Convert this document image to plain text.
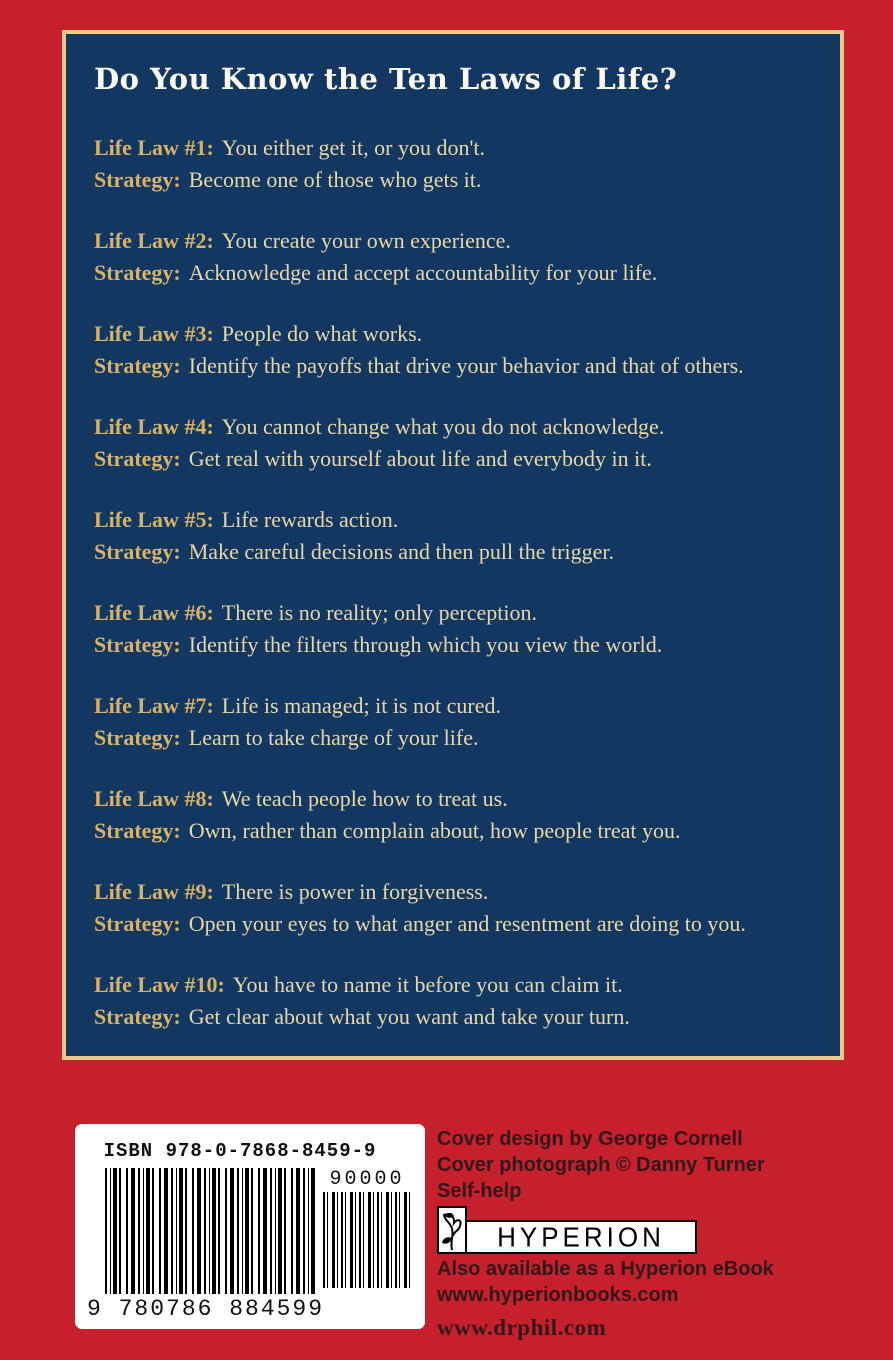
Do You Know the Ten Laws of Life?
Life Law #1: You either get it, or you don't.
Strategy: Become one of those who gets it.
Life Law #2: You create your own experience.
Strategy: Acknowledge and accept accountability for your life.
Life Law #3: People do what works.
Strategy: Identify the payoffs that drive your behavior and that of others.
Life Law #4: You cannot change what you do not acknowledge.
Strategy: Get real with yourself about life and everybody in it.
Life Law #5: Life rewards action.
Strategy: Make careful decisions and then pull the trigger.
Life Law #6: There is no reality; only perception.
Strategy: Identify the filters through which you view the world.
Life Law #7: Life is managed; it is not cured.
Strategy: Learn to take charge of your life.
Life Law #8: We teach people how to treat us.
Strategy: Own, rather than complain about, how people treat you.
Life Law #9: There is power in forgiveness.
Strategy: Open your eyes to what anger and resentment are doing to you.
Life Law #10: You have to name it before you can claim it.
Strategy: Get clear about what you want and take your turn.
ISBN 978-0-7868-8459-9
90000
9 780786 884599
Cover design by George Cornell
Cover photograph © Danny Turner
Self-help
HYPERION
Also available as a Hyperion eBook
www.hyperionbooks.com
www.drphil.com
